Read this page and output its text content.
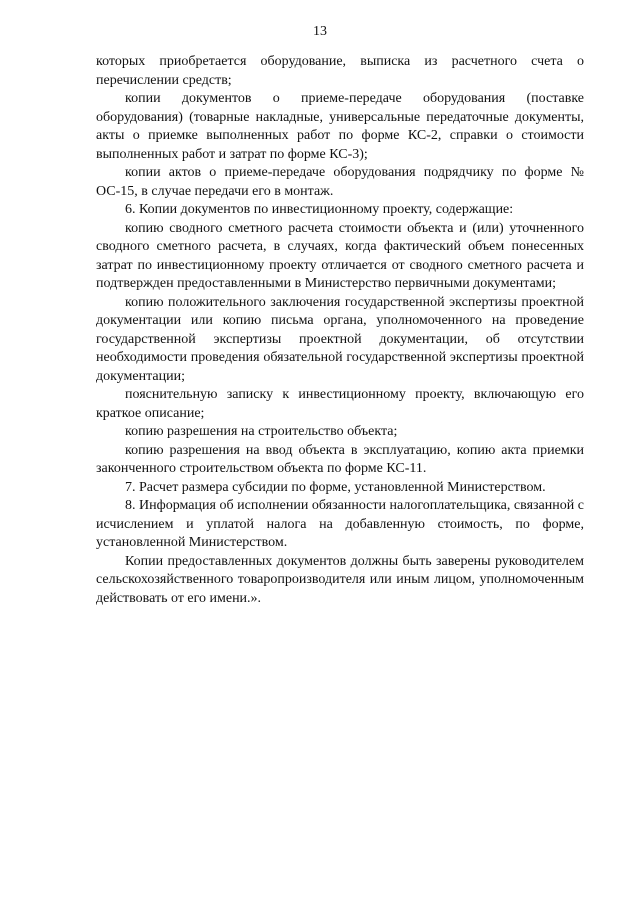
13

которых приобретается оборудование, выписка из расчетного счета о перечислении средств;

копии документов о приеме-передаче оборудования (поставке оборудования) (товарные накладные, универсальные передаточные документы, акты о приемке выполненных работ по форме КС-2, справки о стоимости выполненных работ и затрат по форме КС-3);

копии актов о приеме-передаче оборудования подрядчику по форме № ОС-15, в случае передачи его в монтаж.

6. Копии документов по инвестиционному проекту, содержащие:

копию сводного сметного расчета стоимости объекта и (или) уточненного сводного сметного расчета, в случаях, когда фактический объем понесенных затрат по инвестиционному проекту отличается от сводного сметного расчета и подтвержден предоставленными в Министерство первичными документами;

копию положительного заключения государственной экспертизы проектной документации или копию письма органа, уполномоченного на проведение государственной экспертизы проектной документации, об отсутствии необходимости проведения обязательной государственной экспертизы проектной документации;

пояснительную записку к инвестиционному проекту, включающую его краткое описание;

копию разрешения на строительство объекта;

копию разрешения на ввод объекта в эксплуатацию, копию акта приемки законченного строительством объекта по форме КС-11.

7. Расчет размера субсидии по форме, установленной Министерством.

8. Информация об исполнении обязанности налогоплательщика, связанной с исчислением и уплатой налога на добавленную стоимость, по форме, установленной Министерством.

Копии предоставленных документов должны быть заверены руководителем сельскохозяйственного товаропроизводителя или иным лицом, уполномоченным действовать от его имени.».
